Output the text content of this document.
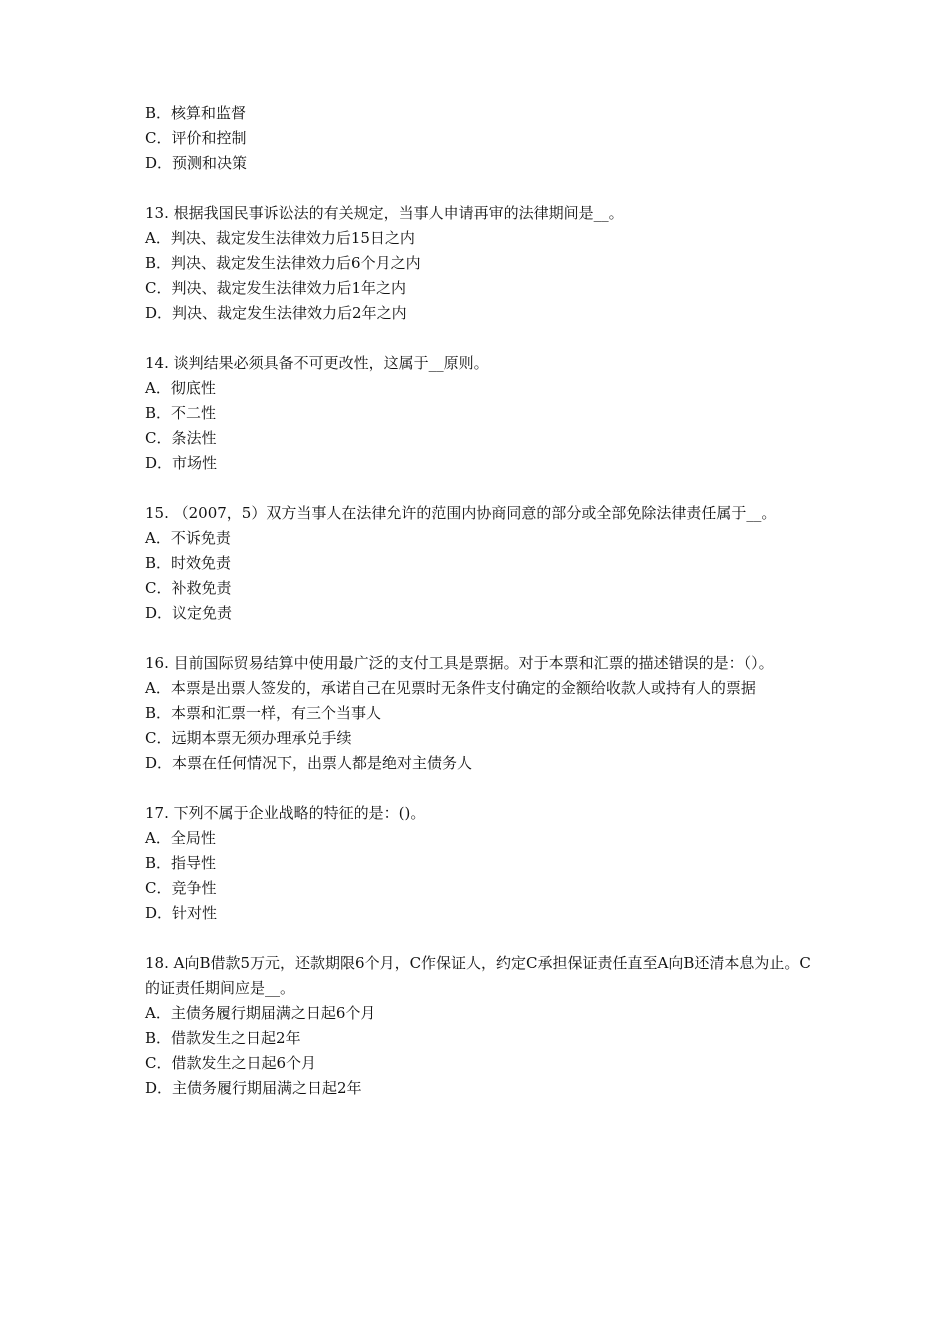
B．核算和监督
C．评价和控制
D．预测和决策
13. 根据我国民事诉讼法的有关规定，当事人申请再审的法律期间是__。
A．判决、裁定发生法律效力后15日之内
B．判决、裁定发生法律效力后6个月之内
C．判决、裁定发生法律效力后1年之内
D．判决、裁定发生法律效力后2年之内
14. 谈判结果必须具备不可更改性，这属于__原则。
A．彻底性
B．不二性
C．条法性
D．市场性
15. （2007，5）双方当事人在法律允许的范围内协商同意的部分或全部免除法律责任属于__。
A．不诉免责
B．时效免责
C．补救免责
D．议定免责
16. 目前国际贸易结算中使用最广泛的支付工具是票据。对于本票和汇票的描述错误的是：（）。
A．本票是出票人签发的，承诺自己在见票时无条件支付确定的金额给收款人或持有人的票据
B．本票和汇票一样，有三个当事人
C．远期本票无须办理承兑手续
D．本票在任何情况下，出票人都是绝对主债务人
17. 下列不属于企业战略的特征的是：()。
A．全局性
B．指导性
C．竞争性
D．针对性
18. A向B借款5万元，还款期限6个月，C作保证人，约定C承担保证责任直至A向B还清本息为止。C的证责任期间应是__。
A．主债务履行期届满之日起6个月
B．借款发生之日起2年
C．借款发生之日起6个月
D．主债务履行期届满之日起2年
